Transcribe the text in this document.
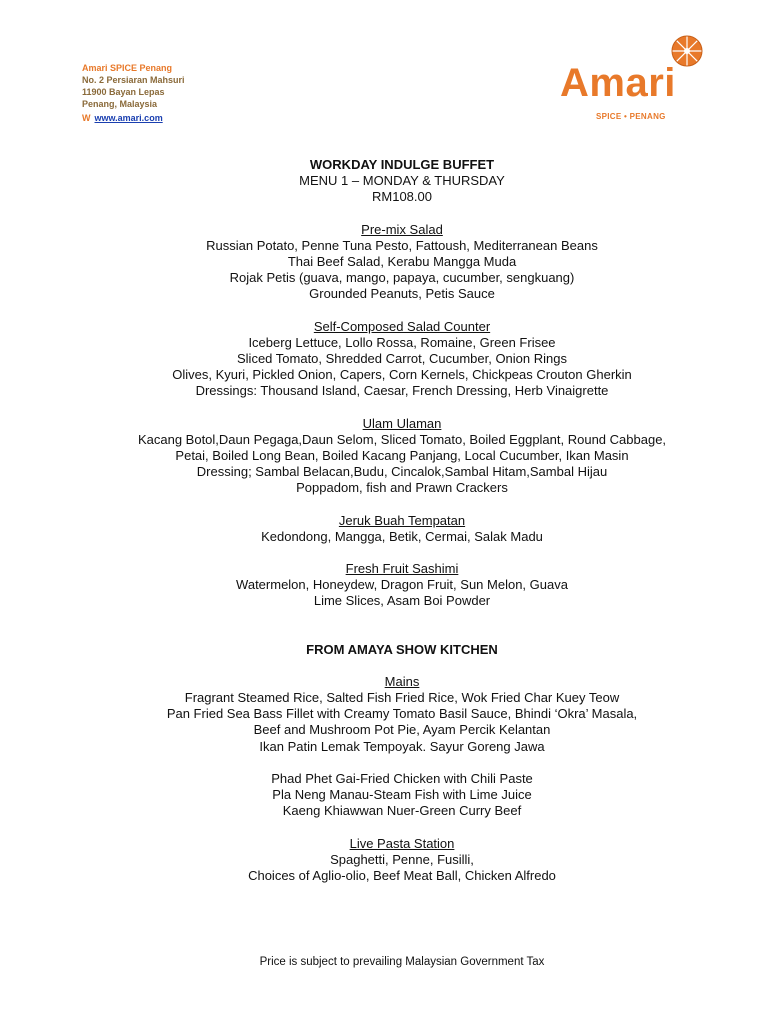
Amari SPICE Penang
No. 2 Persiaran Mahsuri
11900 Bayan Lepas
Penang, Malaysia
W www.amari.com
Amari
SPICE • PENANG
WORKDAY INDULGE BUFFET
MENU 1 – MONDAY & THURSDAY
RM108.00
Pre-mix Salad
Russian Potato, Penne Tuna Pesto, Fattoush, Mediterranean Beans
Thai Beef Salad, Kerabu Mangga Muda
Rojak Petis (guava, mango, papaya, cucumber, sengkuang)
Grounded Peanuts, Petis Sauce
Self-Composed Salad Counter
Iceberg Lettuce, Lollo Rossa, Romaine, Green Frisee
Sliced Tomato, Shredded Carrot, Cucumber, Onion Rings
Olives, Kyuri, Pickled Onion, Capers, Corn Kernels, Chickpeas Crouton Gherkin
Dressings: Thousand Island, Caesar, French Dressing, Herb Vinaigrette
Ulam Ulaman
Kacang Botol,Daun Pegaga,Daun Selom, Sliced Tomato, Boiled Eggplant, Round Cabbage,
Petai, Boiled Long Bean, Boiled Kacang Panjang, Local Cucumber, Ikan Masin
Dressing; Sambal Belacan,Budu, Cincalok,Sambal Hitam,Sambal Hijau
Poppadom, fish and Prawn Crackers
Jeruk Buah Tempatan
Kedondong, Mangga, Betik, Cermai, Salak Madu
Fresh Fruit Sashimi
Watermelon, Honeydew, Dragon Fruit, Sun Melon, Guava
Lime Slices, Asam Boi Powder
FROM AMAYA SHOW KITCHEN
Mains
Fragrant Steamed Rice, Salted Fish Fried Rice, Wok Fried Char Kuey Teow
Pan Fried Sea Bass Fillet with Creamy Tomato Basil Sauce, Bhindi ‘Okra’ Masala,
Beef and Mushroom Pot Pie, Ayam Percik Kelantan
Ikan Patin Lemak Tempoyak. Sayur Goreng Jawa
Phad Phet Gai-Fried Chicken with Chili Paste
Pla Neng Manau-Steam Fish with Lime Juice
Kaeng Khiawwan Nuer-Green Curry Beef
Live Pasta Station
Spaghetti, Penne, Fusilli,
Choices of Aglio-olio, Beef Meat Ball, Chicken Alfredo
Price is subject to prevailing Malaysian Government Tax
